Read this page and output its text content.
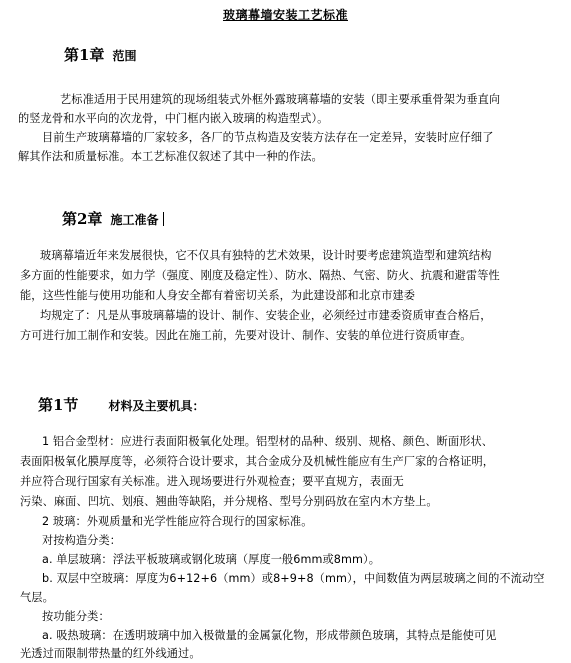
玻璃幕墙安装工艺标准
第1章 范围
艺标准适用于民用建筑的现场组装式外框外露玻璃幕墙的安装（即主要承重骨架为垂直向
的竖龙骨和水平向的次龙骨，中门框内嵌入玻璃的构造型式）。
目前生产玻璃幕墙的厂家较多，各厂的节点构造及安装方法存在一定差异，安装时应仔细了
解其作法和质量标准。本工艺标准仅叙述了其中一种的作法。
第2章 施工准备
玻璃幕墙近年来发展很快，它不仅具有独特的艺术效果，设计时要考虑建筑造型和建筑结构
多方面的性能要求，如力学（强度、刚度及稳定性）、防水、隔热、气密、防火、抗震和避雷等性
能，这些性能与使用功能和人身安全都有着密切关系，为此建设部和北京市建委
均规定了：凡是从事玻璃幕墙的设计、制作、安装企业，必须经过市建委资质审查合格后，
方可进行加工制作和安装。因此在施工前，先要对设计、制作、安装的单位进行资质审查。
第1节	材料及主要机具：
1 铝合金型材：应进行表面阳极氧化处理。铝型材的品种、级别、规格、颜色、断面形状、
表面阳极氧化膜厚度等，必须符合设计要求，其合金成分及机械性能应有生产厂家的合格证明，
并应符合现行国家有关标准。进入现场要进行外观检查；要平直规方，表面无
污染、麻面、凹坑、划痕、翘曲等缺陷，并分规格、型号分别码放在室内木方垫上。
2 玻璃：外观质量和光学性能应符合现行的国家标准。
对按构造分类：
a. 单层玻璃：浮法平板玻璃或钢化玻璃（厚度一般6mm或8mm）。
b. 双层中空玻璃：厚度为6+12+6（mm）或8+9+8（mm），中间数值为两层玻璃之间的不流动空
气层。
按功能分类：
a. 吸热玻璃：在透明玻璃中加入极微量的金属氯化物，形成带颜色玻璃，其特点是能使可见
光透过而限制带热量的红外线通过。
